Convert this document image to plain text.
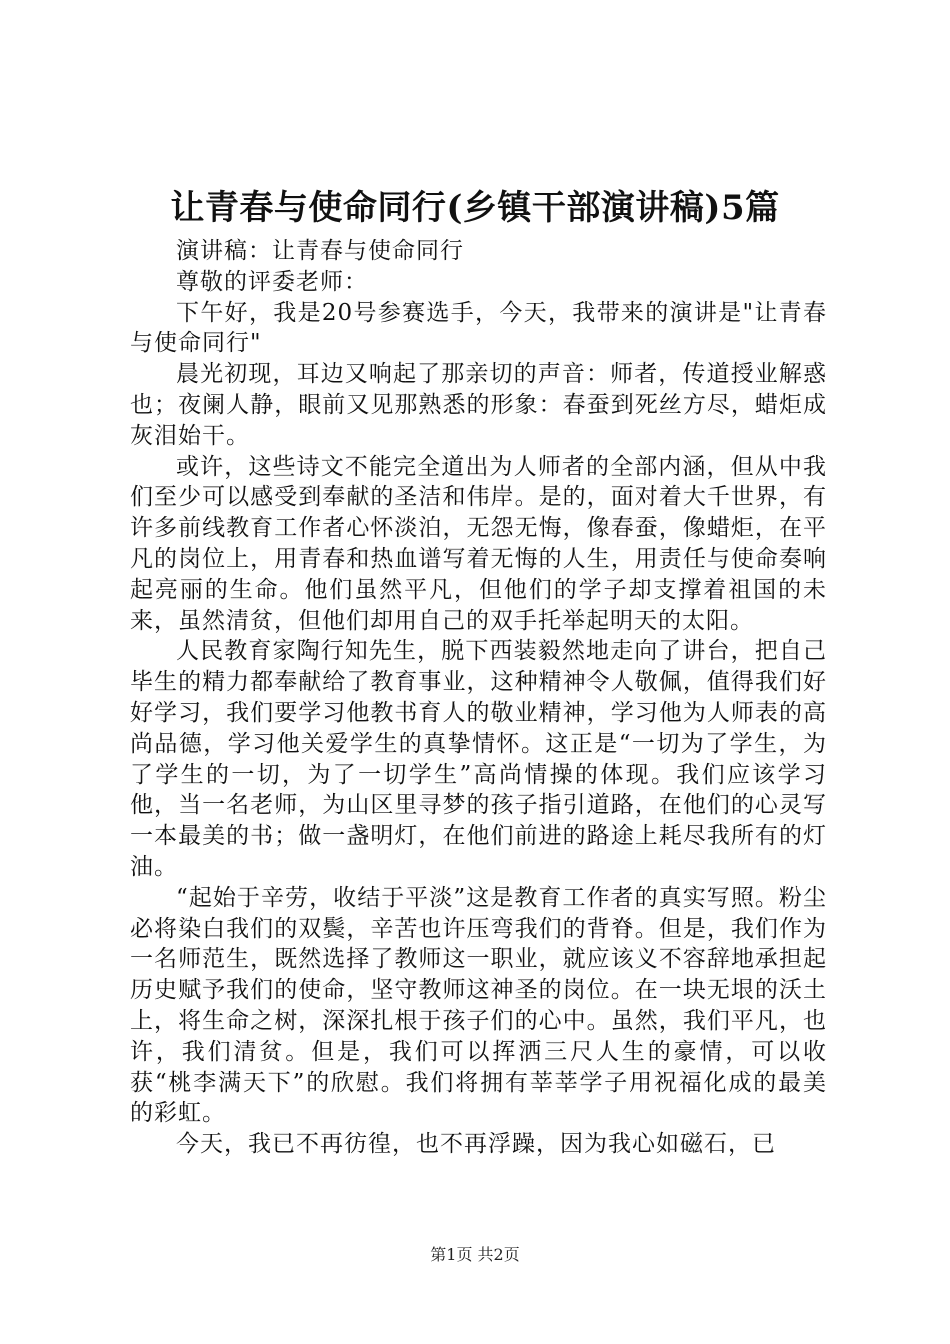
让青春与使命同行(乡镇干部演讲稿)5篇

演讲稿：让青春与使命同行

尊敬的评委老师：

下午好，我是20号参赛选手，今天，我带来的演讲是"让青春与使命同行"

晨光初现，耳边又响起了那亲切的声音：师者，传道授业解惑也；夜阑人静，眼前又见那熟悉的形象：春蚕到死丝方尽，蜡炬成灰泪始干。

或许，这些诗文不能完全道出为人师者的全部内涵，但从中我们至少可以感受到奉献的圣洁和伟岸。是的，面对着大千世界，有许多前线教育工作者心怀淡泊，无怨无悔，像春蚕，像蜡炬，在平凡的岗位上，用青春和热血谱写着无悔的人生，用责任与使命奏响起亮丽的生命。他们虽然平凡，但他们的学子却支撑着祖国的未来，虽然清贫，但他们却用自己的双手托举起明天的太阳。

人民教育家陶行知先生，脱下西装毅然地走向了讲台，把自己毕生的精力都奉献给了教育事业，这种精神令人敬佩，值得我们好好学习，我们要学习他教书育人的敬业精神，学习他为人师表的高尚品德，学习他关爱学生的真挚情怀。这正是“一切为了学生，为了学生的一切，为了一切学生”高尚情操的体现。我们应该学习他，当一名老师，为山区里寻梦的孩子指引道路，在他们的心灵写一本最美的书；做一盏明灯，在他们前进的路途上耗尽我所有的灯油。

“起始于辛劳，收结于平淡”这是教育工作者的真实写照。粉尘必将染白我们的双鬓，辛苦也许压弯我们的背脊。但是，我们作为一名师范生，既然选择了教师这一职业，就应该义不容辞地承担起历史赋予我们的使命，坚守教师这神圣的岗位。在一块无垠的沃土上，将生命之树，深深扎根于孩子们的心中。虽然，我们平凡，也许，我们清贫。但是，我们可以挥洒三尺人生的豪情，可以收获“桃李满天下”的欣慰。我们将拥有莘莘学子用祝福化成的最美的彩虹。

今天，我已不再彷徨，也不再浮躁，因为我心如磁石，已

第1页 共2页
